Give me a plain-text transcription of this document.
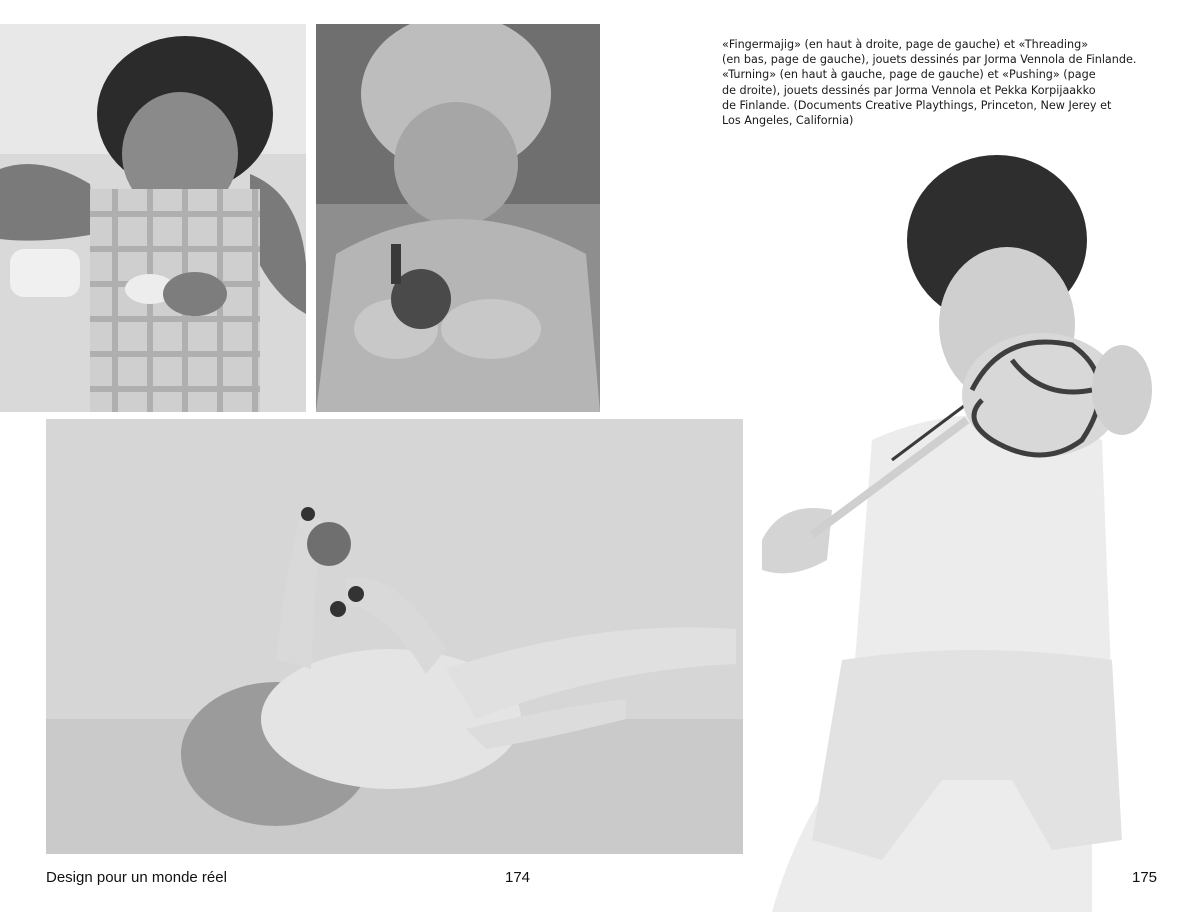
«Fingermajig» (en haut à droite, page de gauche) et «Threading»
(en bas, page de gauche), jouets dessinés par Jorma Vennola de Finlande.
«Turning» (en haut à gauche, page de gauche) et «Pushing» (page
de droite), jouets dessinés par Jorma Vennola et Pekka Korpijaakko
de Finlande. (Documents Creative Playthings, Princeton, New Jerey et
Los Angeles, California)

Design pour un monde réel	174	175
